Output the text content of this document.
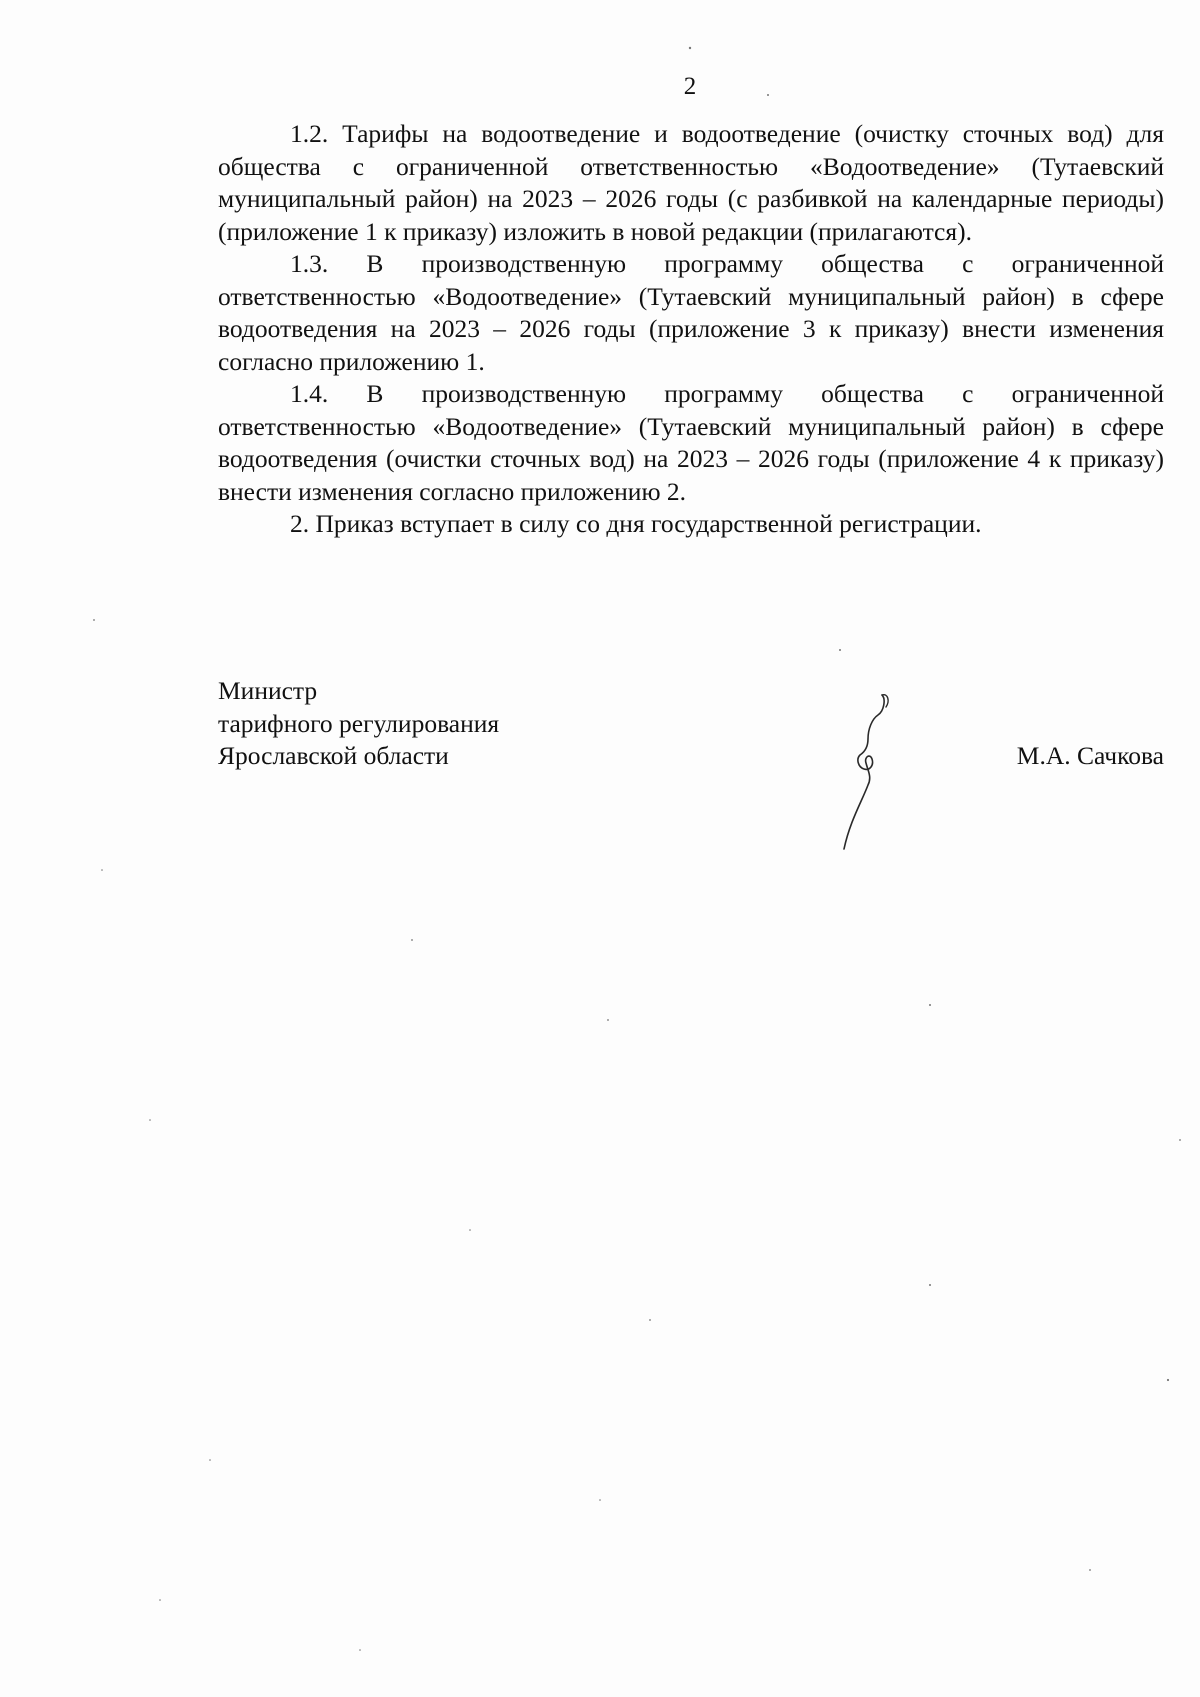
2

1.2. Тарифы на водоотведение и водоотведение (очистку сточных вод) для общества с ограниченной ответственностью «Водоотведение» (Тутаевский муниципальный район) на 2023 – 2026 годы (с разбивкой на календарные периоды) (приложение 1 к приказу) изложить в новой редакции (прилагаются).

1.3. В производственную программу общества с ограниченной ответственностью «Водоотведение» (Тутаевский муниципальный район) в сфере водоотведения на 2023 – 2026 годы (приложение 3 к приказу) внести изменения согласно приложению 1.

1.4. В производственную программу общества с ограниченной ответственностью «Водоотведение» (Тутаевский муниципальный район) в сфере водоотведения (очистки сточных вод) на 2023 – 2026 годы (приложение 4 к приказу) внести изменения согласно приложению 2.

2. Приказ вступает в силу со дня государственной регистрации.

Министр
тарифного регулирования
Ярославской области	М.А. Сачкова
